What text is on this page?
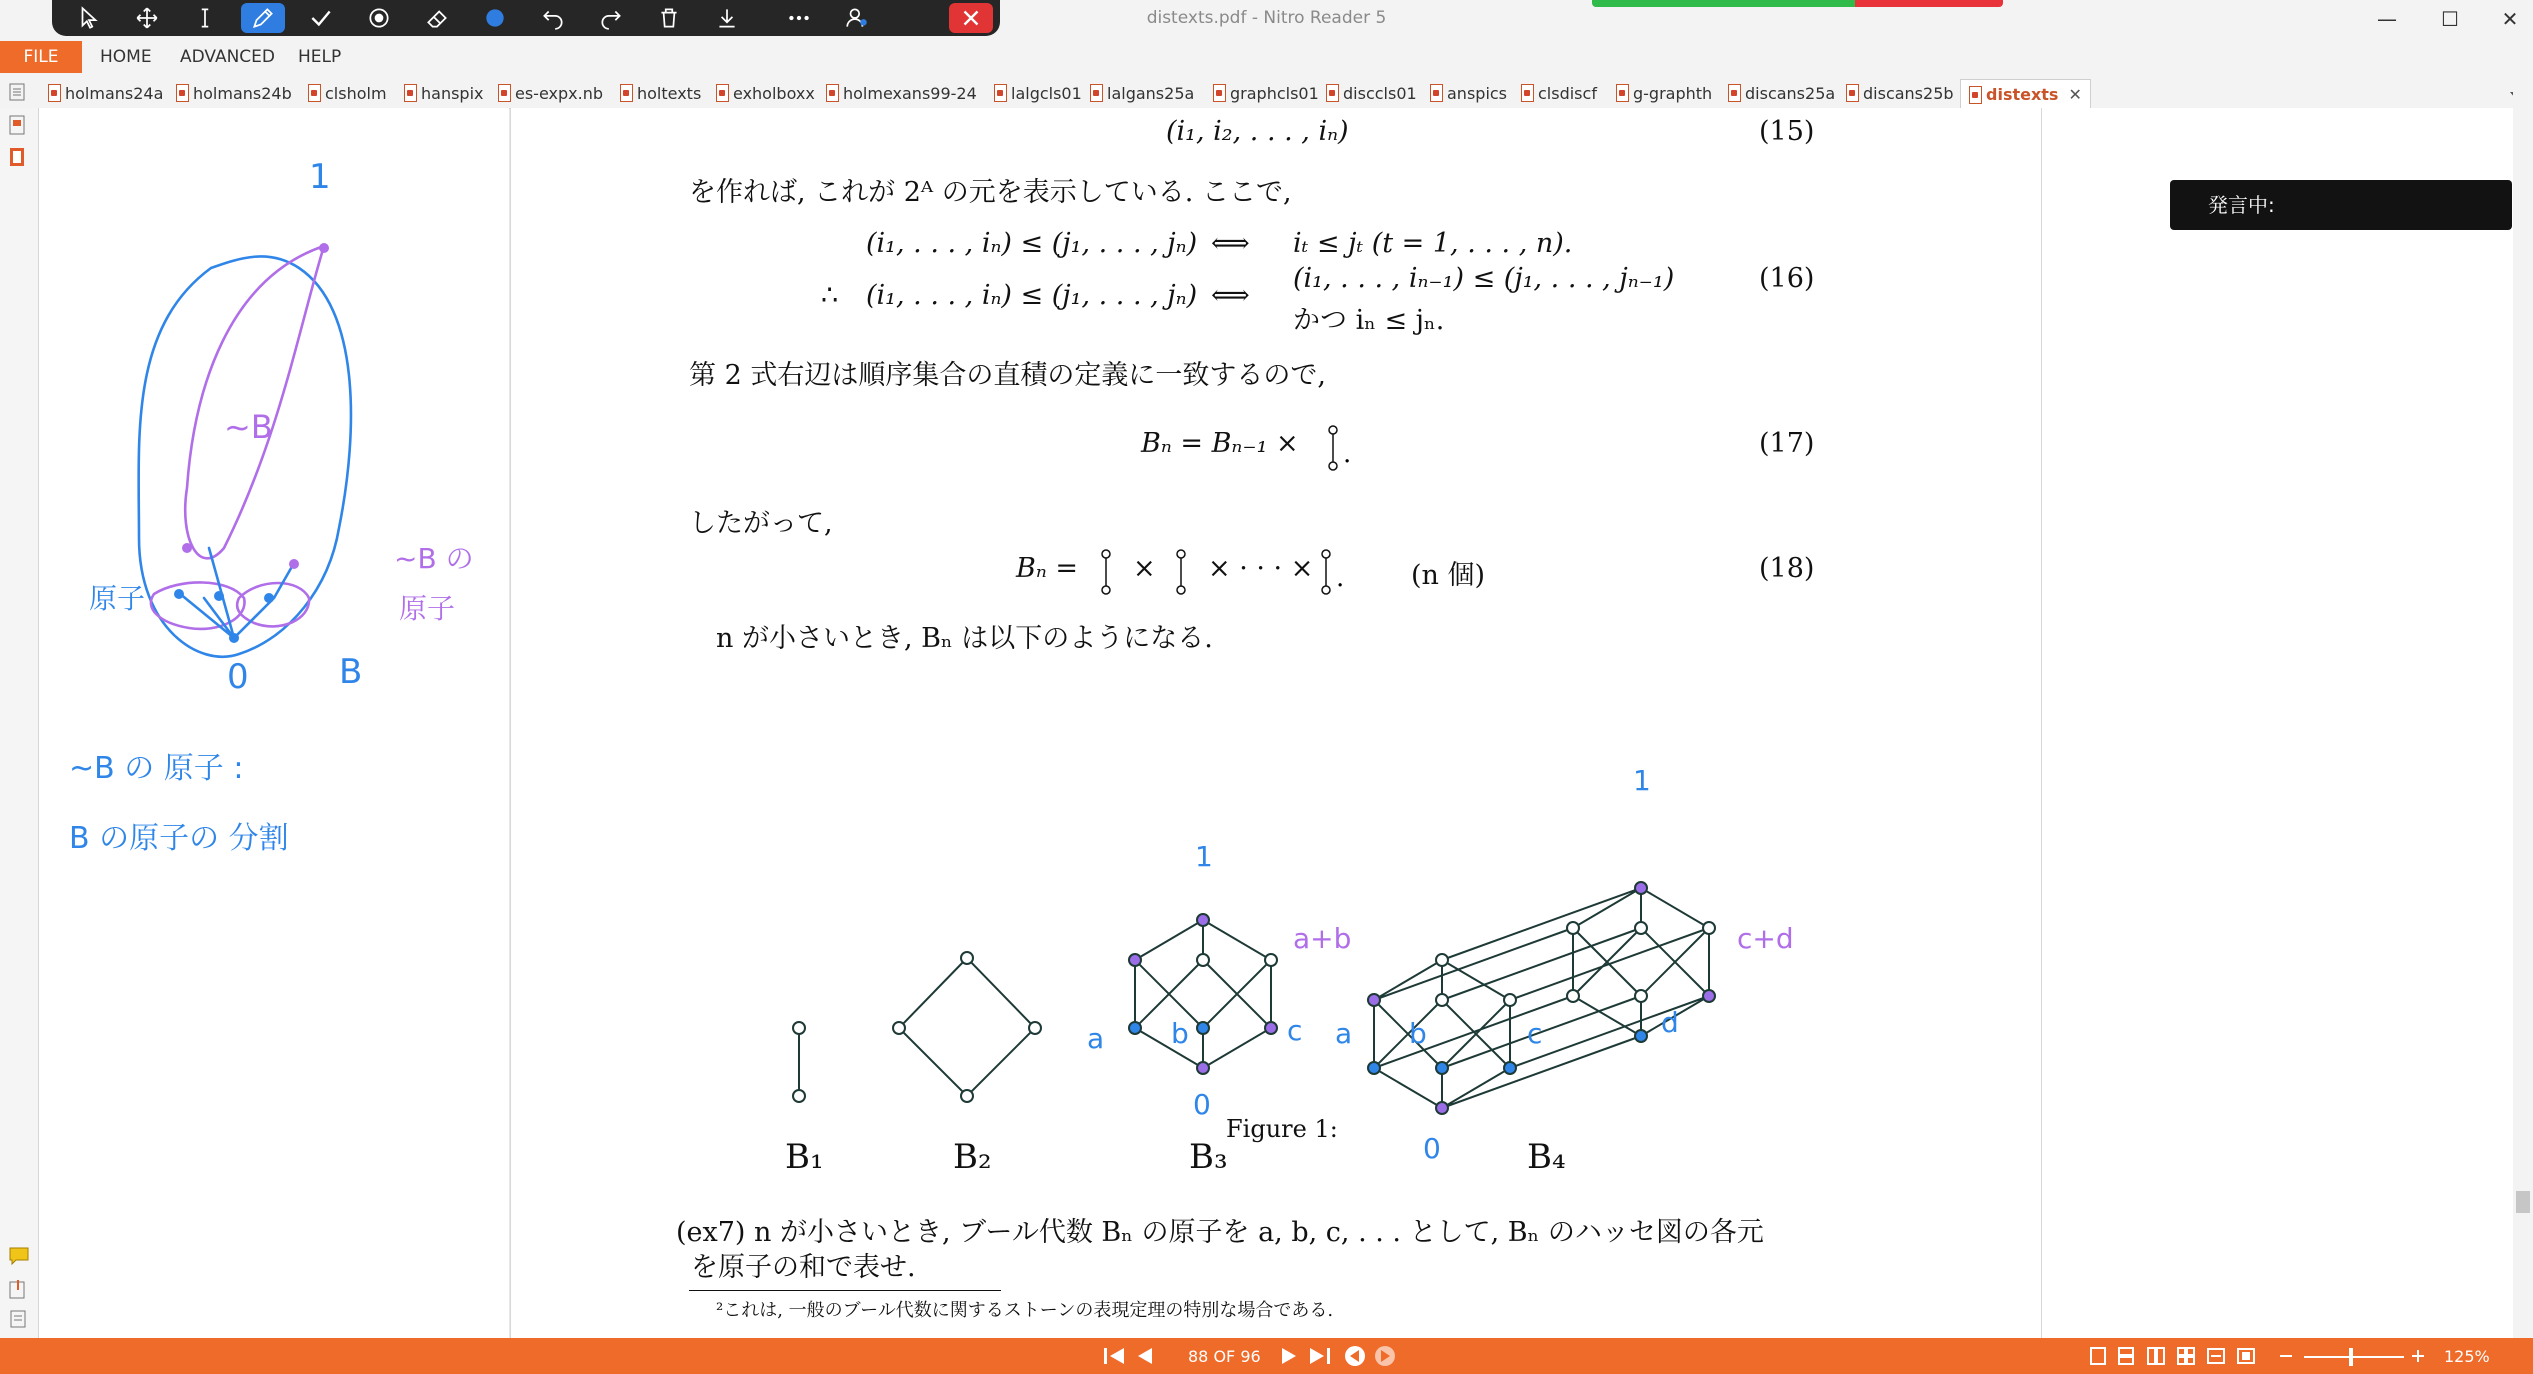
distexts.pdf - Nitro Reader 5	—	☐	✕
FILE	HOME ADVANCED HELP
holmans24a holmans24b clsholm hanspix es-expx.nb holtexts exholboxx holmexans99-24 lalgcls01 lalgans25a graphcls01 disccls01 anspics clsdiscf g-graphth discans25a discans25b distexts ✕
1
0	B
原子
~B の 原子 :
B の原子の 分割
~B
~B の
原子
(i₁, i₂, . . . , iₙ)	(15)
を作れば, これが 2ᴬ の元を表示している. ここで,
(i₁, . . . , iₙ) ≤ (j₁, . . . , jₙ) ⟺ iₜ ≤ jₜ (t = 1, . . . , n).
∴ (i₁, . . . , iₙ) ≤ (j₁, . . . , jₙ) ⟺
(i₁, . . . , iₙ₋₁) ≤ (j₁, . . . , jₙ₋₁)
かつ iₙ ≤ jₙ.
(16)
第 2 式右辺は順序集合の直積の定義に一致するので,
Bₙ = Bₙ₋₁ × .	(17)
したがって,
Bₙ = × × · · · × . (n 個)	(18)
n が小さいとき, Bₙ は以下のようになる.
B₁	B₂	B₃	B₄
1
a b	c
0
1
a b	c	d
0
a+b	c+d
Figure 1:
(ex7) n が小さいとき, ブール代数 Bₙ の原子を a, b, c, . . . として, Bₙ のハッセ図の各元
を原子の和で表せ.
²これは, 一般のブール代数に関するストーンの表現定理の特別な場合である.
発言中:
88 OF 96	125%
